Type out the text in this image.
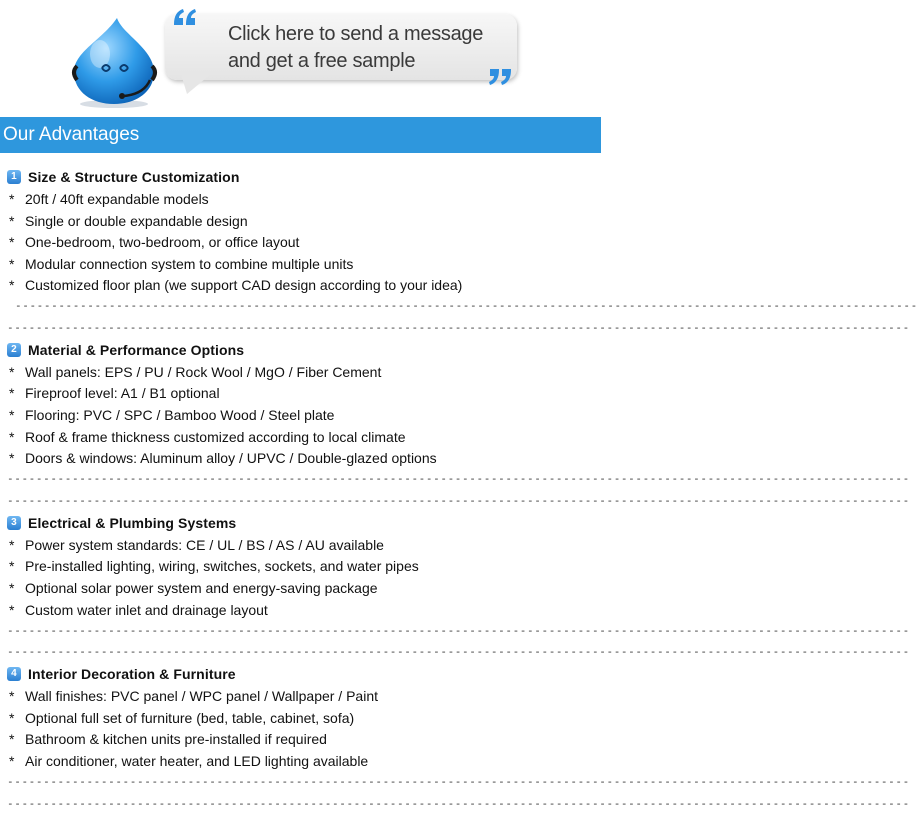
Click here to send a message
and get a free sample
Our Advantages
1 Size & Structure Customization
* 20ft / 40ft expandable models
* Single or double expandable design
* One-bedroom, two-bedroom, or office layout
* Modular connection system to combine multiple units
* Customized floor plan (we support CAD design according to your idea)
-----------------------------------------------------------------------------------------------------------------------------
-----------------------------------------------------------------------------------------------------------------------------
2 Material & Performance Options
* Wall panels: EPS / PU / Rock Wool / MgO / Fiber Cement
* Fireproof level: A1 / B1 optional
* Flooring: PVC / SPC / Bamboo Wood / Steel plate
* Roof & frame thickness customized according to local climate
* Doors & windows: Aluminum alloy / UPVC / Double-glazed options
-----------------------------------------------------------------------------------------------------------------------------
-----------------------------------------------------------------------------------------------------------------------------
3 Electrical & Plumbing Systems
* Power system standards: CE / UL / BS / AS / AU available
* Pre-installed lighting, wiring, switches, sockets, and water pipes
* Optional solar power system and energy-saving package
* Custom water inlet and drainage layout
-----------------------------------------------------------------------------------------------------------------------------
-----------------------------------------------------------------------------------------------------------------------------
4 Interior Decoration & Furniture
* Wall finishes: PVC panel / WPC panel / Wallpaper / Paint
* Optional full set of furniture (bed, table, cabinet, sofa)
* Bathroom & kitchen units pre-installed if required
* Air conditioner, water heater, and LED lighting available
-----------------------------------------------------------------------------------------------------------------------------
-----------------------------------------------------------------------------------------------------------------------------
